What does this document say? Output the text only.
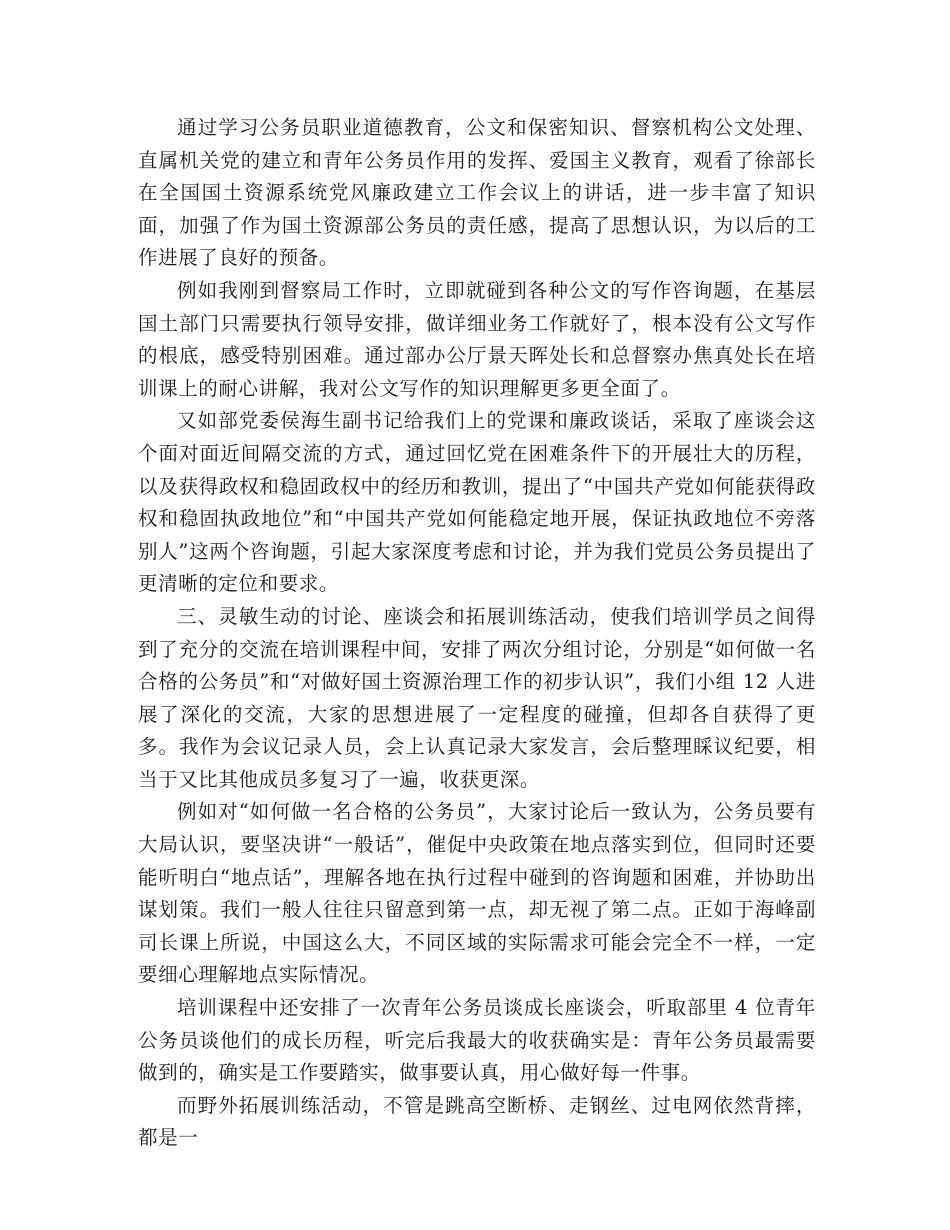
通过学习公务员职业道德教育，公文和保密知识、督察机构公文处理、直属机关党的建立和青年公务员作用的发挥、爱国主义教育，观看了徐部长在全国国土资源系统党风廉政建立工作会议上的讲话，进一步丰富了知识面，加强了作为国土资源部公务员的责任感，提高了思想认识，为以后的工作进展了良好的预备。

例如我刚到督察局工作时，立即就碰到各种公文的写作咨询题，在基层国土部门只需要执行领导安排，做详细业务工作就好了，根本没有公文写作的根底，感受特别困难。通过部办公厅景天晖处长和总督察办焦真处长在培训课上的耐心讲解，我对公文写作的知识理解更多更全面了。

又如部党委侯海生副书记给我们上的党课和廉政谈话，采取了座谈会这个面对面近间隔交流的方式，通过回忆党在困难条件下的开展壮大的历程，以及获得政权和稳固政权中的经历和教训，提出了“中国共产党如何能获得政权和稳固执政地位”和“中国共产党如何能稳定地开展，保证执政地位不旁落别人”这两个咨询题，引起大家深度考虑和讨论，并为我们党员公务员提出了更清晰的定位和要求。

三、灵敏生动的讨论、座谈会和拓展训练活动，使我们培训学员之间得到了充分的交流在培训课程中间，安排了两次分组讨论，分别是“如何做一名合格的公务员”和“对做好国土资源治理工作的初步认识”，我们小组 12 人进展了深化的交流，大家的思想进展了一定程度的碰撞，但却各自获得了更多。我作为会议记录人员，会上认真记录大家发言，会后整理睬议纪要，相当于又比其他成员多复习了一遍，收获更深。

例如对“如何做一名合格的公务员”，大家讨论后一致认为，公务员要有大局认识，要坚决讲“一般话”，催促中央政策在地点落实到位，但同时还要能听明白“地点话”，理解各地在执行过程中碰到的咨询题和困难，并协助出谋划策。我们一般人往往只留意到第一点，却无视了第二点。正如于海峰副司长课上所说，中国这么大，不同区域的实际需求可能会完全不一样，一定要细心理解地点实际情况。

培训课程中还安排了一次青年公务员谈成长座谈会，听取部里 4 位青年公务员谈他们的成长历程，听完后我最大的收获确实是：青年公务员最需要做到的，确实是工作要踏实，做事要认真，用心做好每一件事。

而野外拓展训练活动，不管是跳高空断桥、走钢丝、过电网依然背摔，都是一
